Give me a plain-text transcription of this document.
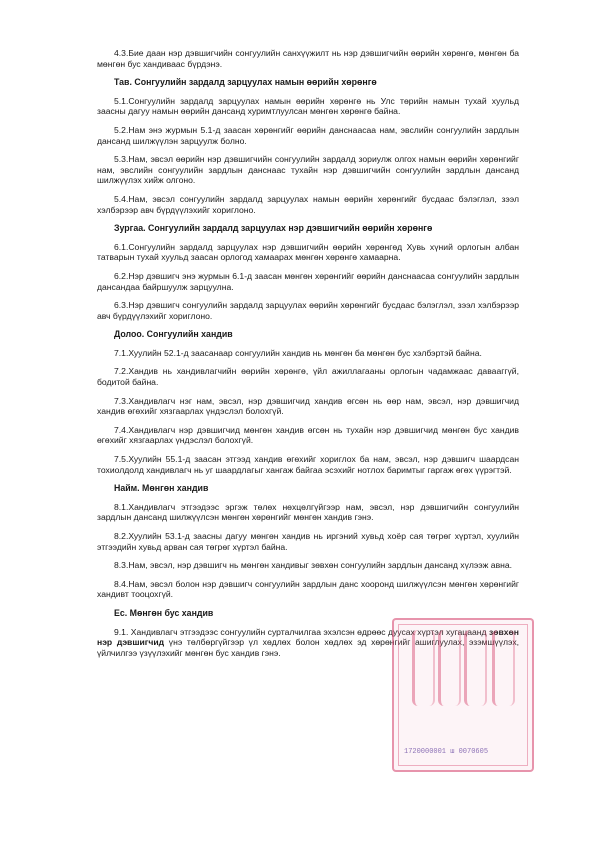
4.3.Бие даан нэр дэвшигчийн сонгуулийн санхүүжилт нь нэр дэвшигчийн өөрийн хөрөнгө, мөнгөн ба мөнгөн бус хандиваас бүрдэнэ.

Тав. Сонгуулийн зардалд зарцуулах намын өөрийн хөрөнгө

5.1.Сонгуулийн зардалд зарцуулах намын өөрийн хөрөнгө нь Улс төрийн намын тухай хуульд заасны дагуу намын өөрийн дансанд хуримтлуулсан мөнгөн хөрөнгө байна.

5.2.Нам энэ журмын 5.1-д заасан хөрөнгийг өөрийн данснаасаа нам, эвслийн сонгуулийн зардлын дансанд шилжүүлэн зарцуулж болно.

5.3.Нам, эвсэл өөрийн нэр дэвшигчийн сонгуулийн зардалд зориулж олгох намын өөрийн хөрөнгийг нам, эвслийн сонгуулийн зардлын данснаас тухайн нэр дэвшигчийн сонгуулийн зардлын дансанд шилжүүлэх хийж олгоно.

5.4.Нам, эвсэл сонгуулийн зардалд зарцуулах намын өөрийн хөрөнгийг бусдаас бэлэглэл, зээл хэлбэрээр авч бүрдүүлэхийг хориглоно.

Зургаа. Сонгуулийн зардалд зарцуулах нэр дэвшигчийн өөрийн хөрөнгө

6.1.Сонгуулийн зардалд зарцуулах нэр дэвшигчийн өөрийн хөрөнгөд Хувь хүний орлогын албан татварын тухай хуульд заасан орлогод хамаарах мөнгөн хөрөнгө хамаарна.

6.2.Нэр дэвшигч энэ журмын 6.1-д заасан мөнгөн хөрөнгийг өөрийн данснаасаа сонгуулийн зардлын дансандаа байршуулж зарцуулна.

6.3.Нэр дэвшигч сонгуулийн зардалд зарцуулах өөрийн хөрөнгийг бусдаас бэлэглэл, зээл хэлбэрээр авч бүрдүүлэхийг хориглоно.

Долоо. Сонгуулийн хандив

7.1.Хуулийн 52.1-д заасанаар сонгуулийн хандив нь мөнгөн ба мөнгөн бус хэлбэртэй байна.

7.2.Хандив нь хандивлагчийн өөрийн хөрөнгө, үйл ажиллагааны орлогын чадамжаас давааггүй, бодитой байна.

7.3.Хандивлагч нэг нам, эвсэл, нэр дэвшигчид хандив өгсөн нь өөр нам, эвсэл, нэр дэвшигчид хандив өгөхийг хязгаарлах үндэслэл болохгүй.

7.4.Хандивлагч нэр дэвшигчид мөнгөн хандив өгсөн нь тухайн нэр дэвшигчид мөнгөн бус хандив өгөхийг хязгаарлах үндэслэл болохгүй.

7.5.Хуулийн 55.1-д заасан этгээд хандив өгөхийг хориглох ба нам, эвсэл, нэр дэвшигч шаардсан тохиолдолд хандивлагч нь уг шаардлагыг хангаж байгаа эсэхийг нотлох баримтыг гаргаж өгөх үүрэгтэй.

Найм. Мөнгөн хандив

8.1.Хандивлагч этгээдээс эргэж төлөх нөхцөлгүйгээр нам, эвсэл, нэр дэвшигчийн сонгуулийн зардлын дансанд шилжүүлсэн мөнгөн хөрөнгийг мөнгөн хандив гэнэ.

8.2.Хуулийн 53.1-д заасны дагуу мөнгөн хандив нь иргэний хувьд хоёр сая төгрөг хүртэл, хуулийн этгээдийн хувьд арван сая төгрөг хүртэл байна.

8.3.Нам, эвсэл, нэр дэвшигч нь мөнгөн хандивыг зөвхөн сонгуулийн зардлын дансанд хүлээж авна.

8.4.Нам, эвсэл болон нэр дэвшигч сонгуулийн зардлын данс хооронд шилжүүлсэн мөнгөн хөрөнгийг хандивт тооцохгүй.

Ес. Мөнгөн бус хандив

9.1. Хандивлагч этгээдээс сонгуулийн сурталчилгаа эхэлсэн өдрөөс дуусах хүртэл хугацаанд зөвхөн нэр дэвшигчид үнэ төлбөргүйгээр үл хөдлөх болон хөдлөх эд хөрөнгийг ашиглуулах, эзэмшүүлэх, үйлчилгээ үзүүлэхийг мөнгөн бус хандив гэнэ.

1720000001 ш 0070605
